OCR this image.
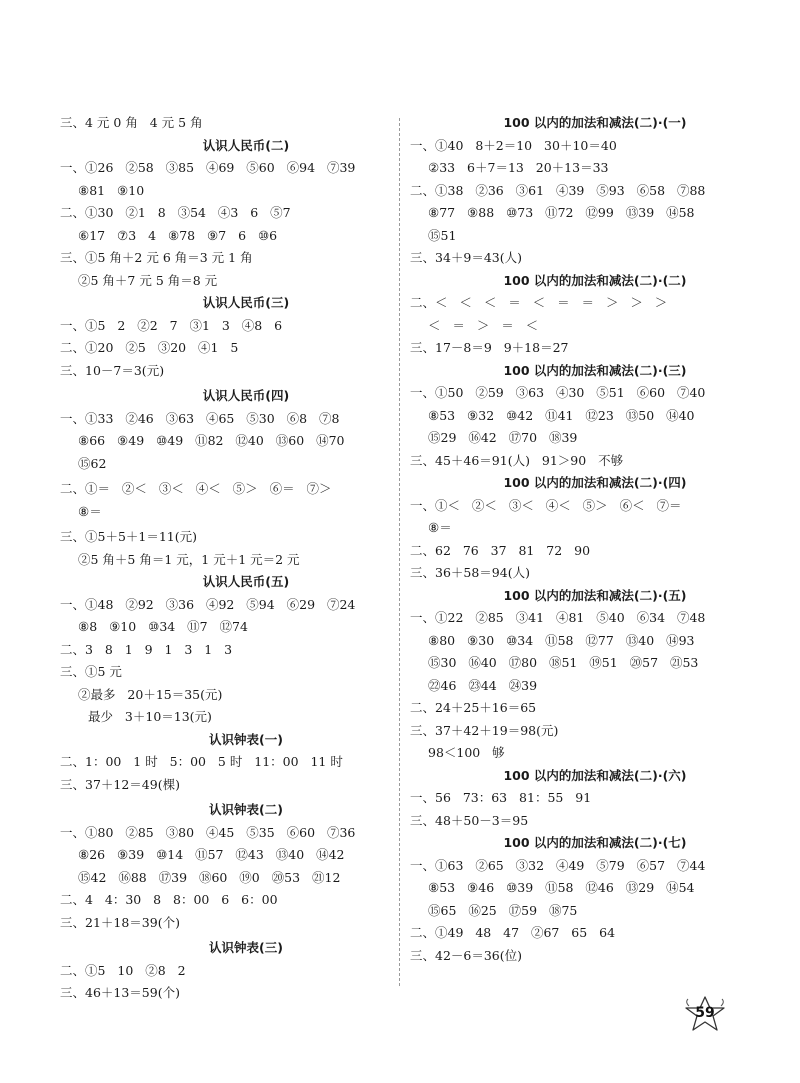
三、4 元 0 角   4 元 5 角
认识人民币(二)
一、①26   ②58   ③85   ④69   ⑤60   ⑥94   ⑦39
⑧81   ⑨10
二、①30   ②1   8   ③54   ④3   6   ⑤7
⑥17   ⑦3   4   ⑧78   ⑨7   6   ⑩6
三、①5 角＋2 元 6 角＝3 元 1 角
②5 角＋7 元 5 角＝8 元
认识人民币(三)
一、①5   2   ②2   7   ③1   3   ④8   6
二、①20   ②5   ③20   ④1   5
三、10－7＝3(元)
认识人民币(四)
一、①33   ②46   ③63   ④65   ⑤30   ⑥8   ⑦8
⑧66   ⑨49   ⑩49   ⑪82   ⑫40   ⑬60   ⑭70
⑮62
二、①＝   ②＜   ③＜   ④＜   ⑤＞   ⑥＝   ⑦＞
⑧＝
三、①5＋5＋1＝11(元)
②5 角＋5 角＝1 元，1 元＋1 元＝2 元
认识人民币(五)
一、①48   ②92   ③36   ④92   ⑤94   ⑥29   ⑦24
⑧8   ⑨10   ⑩34   ⑪7   ⑫74
二、3   8   1   9   1   3   1   3
三、①5 元
②最多   20＋15＝35(元)
最少   3＋10＝13(元)
认识钟表(一)
二、1：00   1 时   5：00   5 时   11：00   11 时
三、37＋12＝49(棵)
认识钟表(二)
一、①80   ②85   ③80   ④45   ⑤35   ⑥60   ⑦36
⑧26   ⑨39   ⑩14   ⑪57   ⑫43   ⑬40   ⑭42
⑮42   ⑯88   ⑰39   ⑱60   ⑲0   ⑳53   ㉑12
二、4   4：30   8   8：00   6   6：00
三、21＋18＝39(个)
认识钟表(三)
二、①5   10   ②8   2
三、46＋13＝59(个)
100 以内的加法和减法(二)·(一)
一、①40   8＋2＝10   30＋10＝40
②33   6＋7＝13   20＋13＝33
二、①38   ②36   ③61   ④39   ⑤93   ⑥58   ⑦88
⑧77   ⑨88   ⑩73   ⑪72   ⑫99   ⑬39   ⑭58
⑮51
三、34＋9＝43(人)
100 以内的加法和减法(二)·(二)
二、＜   ＜   ＜   ＝   ＜   ＝   ＝   ＞   ＞   ＞
＜   ＝   ＞   ＝   ＜
三、17－8＝9   9＋18＝27
100 以内的加法和减法(二)·(三)
一、①50   ②59   ③63   ④30   ⑤51   ⑥60   ⑦40
⑧53   ⑨32   ⑩42   ⑪41   ⑫23   ⑬50   ⑭40
⑮29   ⑯42   ⑰70   ⑱39
三、45＋46＝91(人)   91＞90   不够
100 以内的加法和减法(二)·(四)
一、①＜   ②＜   ③＜   ④＜   ⑤＞   ⑥＜   ⑦＝
⑧＝
二、62   76   37   81   72   90
三、36＋58＝94(人)
100 以内的加法和减法(二)·(五)
一、①22   ②85   ③41   ④81   ⑤40   ⑥34   ⑦48
⑧80   ⑨30   ⑩34   ⑪58   ⑫77   ⑬40   ⑭93
⑮30   ⑯40   ⑰80   ⑱51   ⑲51   ⑳57   ㉑53
㉒46   ㉓44   ㉔39
二、24＋25＋16＝65
三、37＋42＋19＝98(元)
98＜100   够
100 以内的加法和减法(二)·(六)
一、56   73：63   81：55   91
三、48＋50－3＝95
100 以内的加法和减法(二)·(七)
一、①63   ②65   ③32   ④49   ⑤79   ⑥57   ⑦44
⑧53   ⑨46   ⑩39   ⑪58   ⑫46   ⑬29   ⑭54
⑮65   ⑯25   ⑰59   ⑱75
二、①49   48   47   ②67   65   64
三、42－6＝36(位)
59
